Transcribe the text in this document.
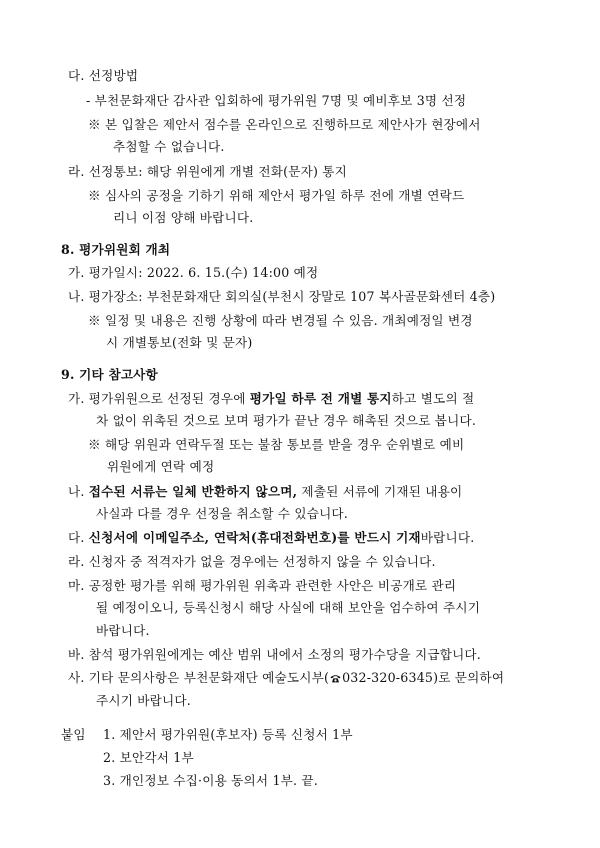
다. 선정방법
- 부천문화재단 감사관 입회하에 평가위원 7명 및 예비후보 3명 선정
※ 본 입찰은 제안서 점수를 온라인으로 진행하므로 제안사가 현장에서
추첨할 수 없습니다.
라. 선정통보: 해당 위원에게 개별 전화(문자) 통지
※ 심사의 공정을 기하기 위해 제안서 평가일 하루 전에 개별 연락드
리니 이점 양해 바랍니다.
8. 평가위원회 개최
가. 평가일시: 2022. 6. 15.(수) 14:00 예정
나. 평가장소: 부천문화재단 회의실(부천시 장말로 107 복사골문화센터 4층)
※ 일정 및 내용은 진행 상황에 따라 변경될 수 있음. 개최예정일 변경
시 개별통보(전화 및 문자)
9. 기타 참고사항
가. 평가위원으로 선정된 경우에 평가일 하루 전 개별 통지하고 별도의 절
차 없이 위촉된 것으로 보며 평가가 끝난 경우 해촉된 것으로 봅니다.
※ 해당 위원과 연락두절 또는 불참 통보를 받을 경우 순위별로 예비
위원에게 연락 예정
나. 접수된 서류는 일체 반환하지 않으며, 제출된 서류에 기재된 내용이
사실과 다를 경우 선정을 취소할 수 있습니다.
다. 신청서에 이메일주소, 연락처(휴대전화번호)를 반드시 기재바랍니다.
라. 신청자 중 적격자가 없을 경우에는 선정하지 않을 수 있습니다.
마. 공정한 평가를 위해 평가위원 위촉과 관련한 사안은 비공개로 관리
될 예정이오니, 등록신청시 해당 사실에 대해 보안을 엄수하여 주시기
바랍니다.
바. 참석 평가위원에게는 예산 범위 내에서 소정의 평가수당을 지급합니다.
사. 기타 문의사항은 부천문화재단 예술도시부( 032-320-6345)로 문의하여
주시기 바랍니다.
붙임 1. 제안서 평가위원(후보자) 등록 신청서 1부
2. 보안각서 1부
3. 개인정보 수집·이용 동의서 1부. 끝.
